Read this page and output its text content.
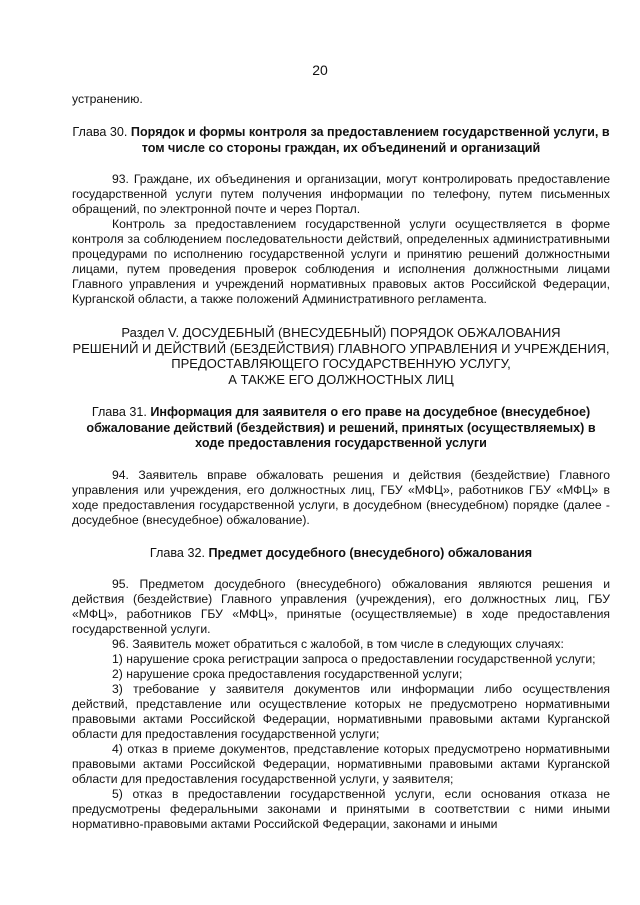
20

устранению.

Глава 30. Порядок и формы контроля за предоставлением государственной услуги, в том числе со стороны граждан, их объединений и организаций

93. Граждане, их объединения и организации, могут контролировать предоставление государственной услуги путем получения информации по телефону, путем письменных обращений, по электронной почте и через Портал.

Контроль за предоставлением государственной услуги осуществляется в форме контроля за соблюдением последовательности действий, определенных административными процедурами по исполнению государственной услуги и принятию решений должностными лицами, путем проведения проверок соблюдения и исполнения должностными лицами Главного управления и учреждений нормативных правовых актов Российской Федерации, Курганской области, а также положений Административного регламента.

Раздел V. ДОСУДЕБНЫЙ (ВНЕСУДЕБНЫЙ) ПОРЯДОК ОБЖАЛОВАНИЯ
РЕШЕНИЙ И ДЕЙСТВИЙ (БЕЗДЕЙСТВИЯ) ГЛАВНОГО УПРАВЛЕНИЯ И УЧРЕЖДЕНИЯ,
ПРЕДОСТАВЛЯЮЩЕГО ГОСУДАРСТВЕННУЮ УСЛУГУ,
А ТАКЖЕ ЕГО ДОЛЖНОСТНЫХ ЛИЦ
Глава 31. Информация для заявителя о его праве на досудебное (внесудебное) обжалование действий (бездействия) и решений, принятых (осуществляемых) в ходе предоставления государственной услуги

94. Заявитель вправе обжаловать решения и действия (бездействие) Главного управления или учреждения, его должностных лиц, ГБУ «МФЦ», работников ГБУ «МФЦ» в ходе предоставления государственной услуги, в досудебном (внесудебном) порядке (далее - досудебное (внесудебное) обжалование).

Глава 32. Предмет досудебного (внесудебного) обжалования

95. Предметом досудебного (внесудебного) обжалования являются решения и действия (бездействие) Главного управления (учреждения), его должностных лиц, ГБУ «МФЦ», работников ГБУ «МФЦ», принятые (осуществляемые) в ходе предоставления государственной услуги.

96. Заявитель может обратиться с жалобой, в том числе в следующих случаях:

1) нарушение срока регистрации запроса о предоставлении государственной услуги;

2) нарушение срока предоставления государственной услуги;

3) требование у заявителя документов или информации либо осуществления действий, представление или осуществление которых не предусмотрено нормативными правовыми актами Российской Федерации, нормативными правовыми актами Курганской области для предоставления государственной услуги;

4) отказ в приеме документов, представление которых предусмотрено нормативными правовыми актами Российской Федерации, нормативными правовыми актами Курганской области для предоставления государственной услуги, у заявителя;

5) отказ в предоставлении государственной услуги, если основания отказа не предусмотрены федеральными законами и принятыми в соответствии с ними иными нормативно-правовыми актами Российской Федерации, законами и иными
